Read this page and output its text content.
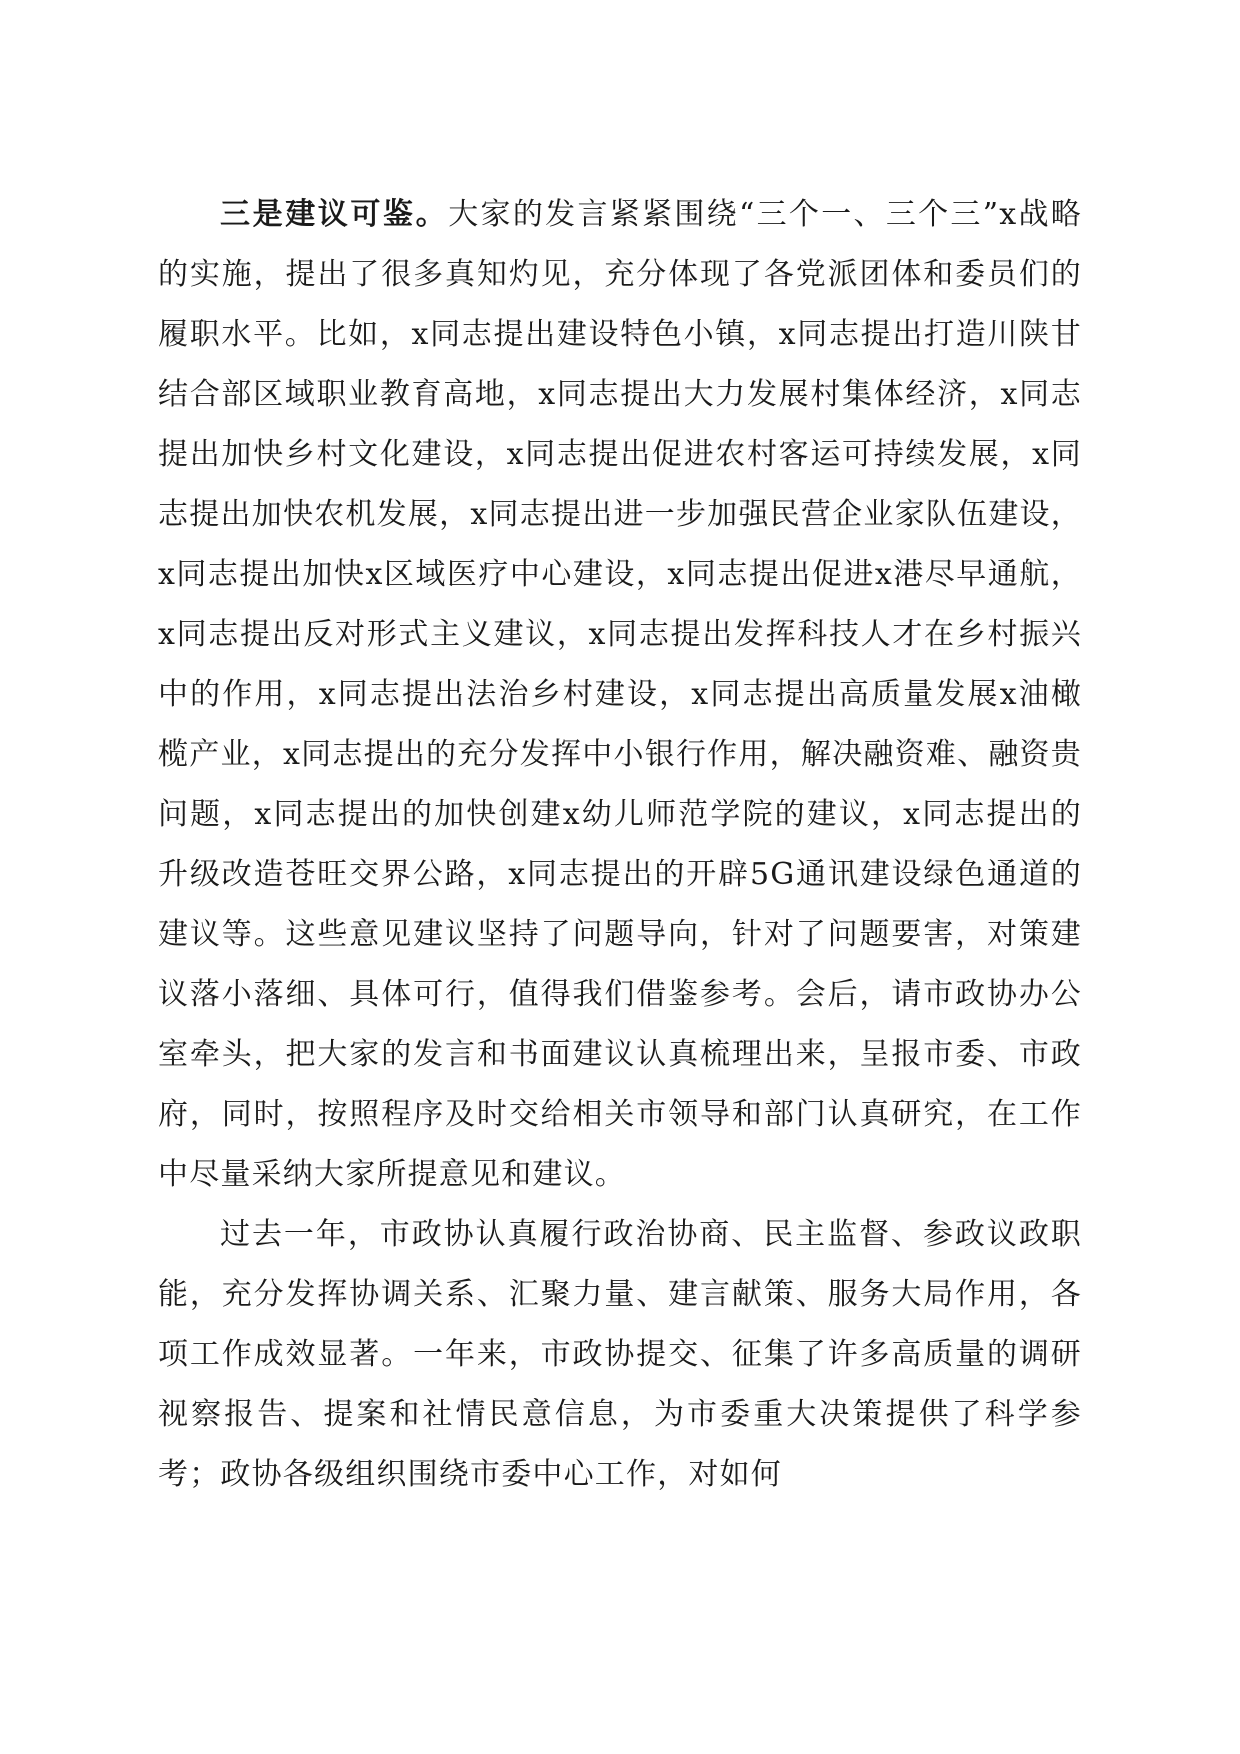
三是建议可鉴。大家的发言紧紧围绕“三个一、三个三”x战略的实施，提出了很多真知灼见，充分体现了各党派团体和委员们的履职水平。比如，x同志提出建设特色小镇，x同志提出打造川陕甘结合部区域职业教育高地，x同志提出大力发展村集体经济，x同志提出加快乡村文化建设，x同志提出促进农村客运可持续发展，x同志提出加快农机发展，x同志提出进一步加强民营企业家队伍建设，x同志提出加快x区域医疗中心建设，x同志提出促进x港尽早通航，x同志提出反对形式主义建议，x同志提出发挥科技人才在乡村振兴中的作用，x同志提出法治乡村建设，x同志提出高质量发展x油橄榄产业，x同志提出的充分发挥中小银行作用，解决融资难、融资贵问题，x同志提出的加快创建x幼儿师范学院的建议，x同志提出的升级改造苍旺交界公路，x同志提出的开辟5G通讯建设绿色通道的建议等。这些意见建议坚持了问题导向，针对了问题要害，对策建议落小落细、具体可行，值得我们借鉴参考。会后，请市政协办公室牵头，把大家的发言和书面建议认真梳理出来，呈报市委、市政府，同时，按照程序及时交给相关市领导和部门认真研究，在工作中尽量采纳大家所提意见和建议。

过去一年，市政协认真履行政治协商、民主监督、参政议政职能，充分发挥协调关系、汇聚力量、建言献策、服务大局作用，各项工作成效显著。一年来，市政协提交、征集了许多高质量的调研视察报告、提案和社情民意信息，为市委重大决策提供了科学参考；政协各级组织围绕市委中心工作，对如何
